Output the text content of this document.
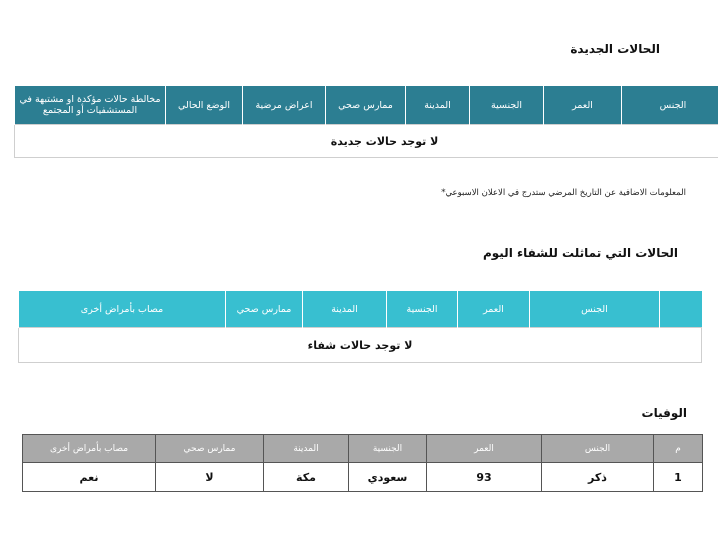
الحالات الجديدة
	الجنس	العمر	الجنسية	المدينة	ممارس صحي	اعراض مرضية	الوضع الحالي	مخالطة حالات مؤكدة او مشتبهة في المستشفيات أو المجتمع
لا توجد حالات جديدة
المعلومات الاضافية عن التاريخ المرضي ستدرج في الاعلان الاسبوعي*
الحالات التي تماثلت للشفاء اليوم
	الجنس	العمر	الجنسية	المدينة	ممارس صحي	مصاب بأمراض أخرى
لا توجد حالات شفاء
الوفيات
م	الجنس	العمر	الجنسية	المدينة	ممارس صحي	مصاب بأمراض أخرى
1	ذكر	93	سعودي	مكة	لا	نعم
